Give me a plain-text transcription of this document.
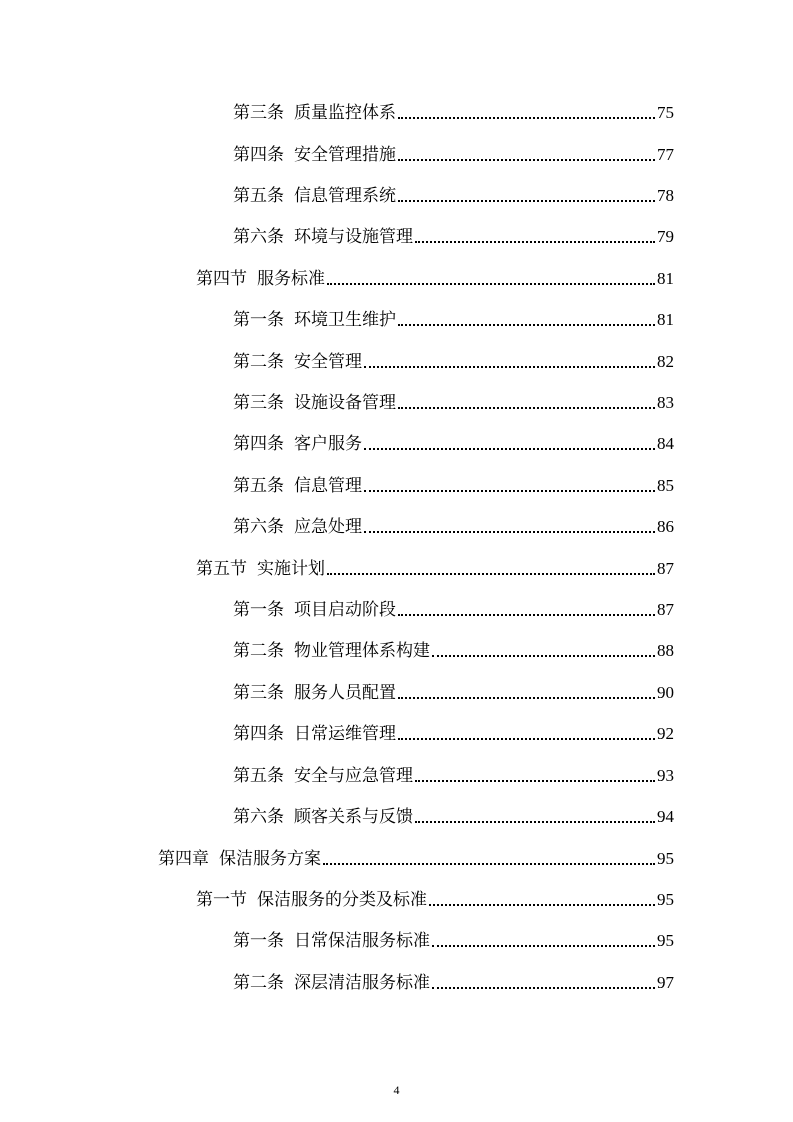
第三条 质量监控体系	75
第四条 安全管理措施	77
第五条 信息管理系统	78
第六条 环境与设施管理	79
第四节 服务标准	81
第一条 环境卫生维护	81
第二条 安全管理	82
第三条 设施设备管理	83
第四条 客户服务	84
第五条 信息管理	85
第六条 应急处理	86
第五节 实施计划	87
第一条 项目启动阶段	87
第二条 物业管理体系构建	88
第三条 服务人员配置	90
第四条 日常运维管理	92
第五条 安全与应急管理	93
第六条 顾客关系与反馈	94
第四章 保洁服务方案	95
第一节 保洁服务的分类及标准	95
第一条 日常保洁服务标准	95
第二条 深层清洁服务标准	97
4
